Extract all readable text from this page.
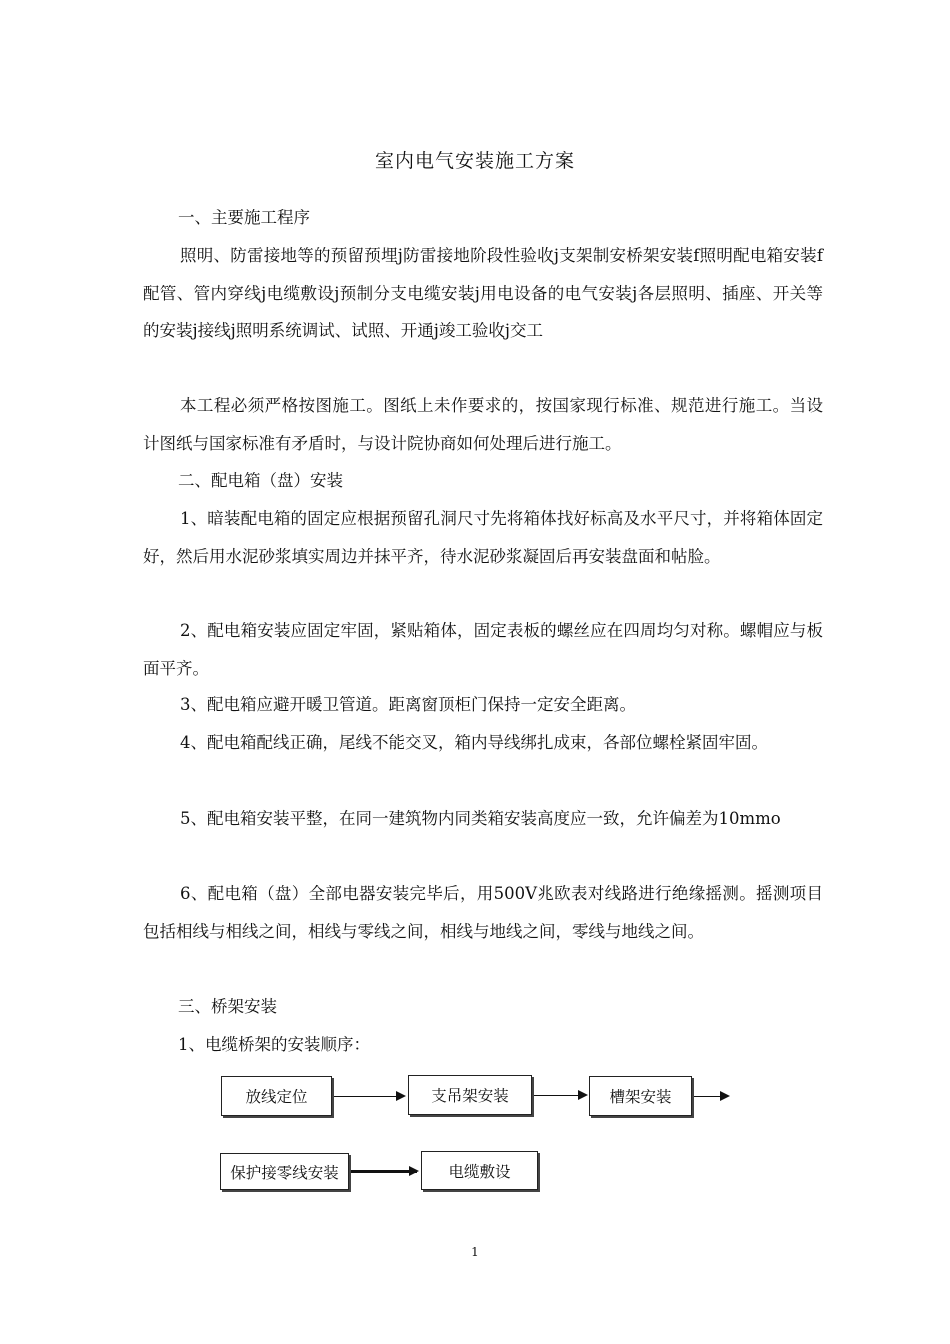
室内电气安装施工方案
一、主要施工程序
照明、防雷接地等的预留预埋j防雷接地阶段性验收j支架制安桥架安装f照明配电箱安装f配管、管内穿线j电缆敷设j预制分支电缆安装j用电设备的电气安装j各层照明、插座、开关等的安装j接线j照明系统调试、试照、开通j竣工验收j交工
本工程必须严格按图施工。图纸上未作要求的，按国家现行标准、规范进行施工。当设计图纸与国家标准有矛盾时，与设计院协商如何处理后进行施工。
二、配电箱（盘）安装
1、暗装配电箱的固定应根据预留孔洞尺寸先将箱体找好标高及水平尺寸，并将箱体固定好，然后用水泥砂浆填实周边并抹平齐，待水泥砂浆凝固后再安装盘面和帖脸。
2、配电箱安装应固定牢固，紧贴箱体，固定表板的螺丝应在四周均匀对称。螺帽应与板面平齐。
3、配电箱应避开暖卫管道。距离窗顶柜门保持一定安全距离。
4、配电箱配线正确，尾线不能交叉，箱内导线绑扎成束，各部位螺栓紧固牢固。
5、配电箱安装平整，在同一建筑物内同类箱安装高度应一致，允许偏差为10mmo
6、配电箱（盘）全部电器安装完毕后，用500V兆欧表对线路进行绝缘摇测。摇测项目包括相线与相线之间，相线与零线之间，相线与地线之间，零线与地线之间。
三、桥架安装
1、电缆桥架的安装顺序：
放线定位	支吊架安装	槽架安装
保护接零线安装	电缆敷设
1
